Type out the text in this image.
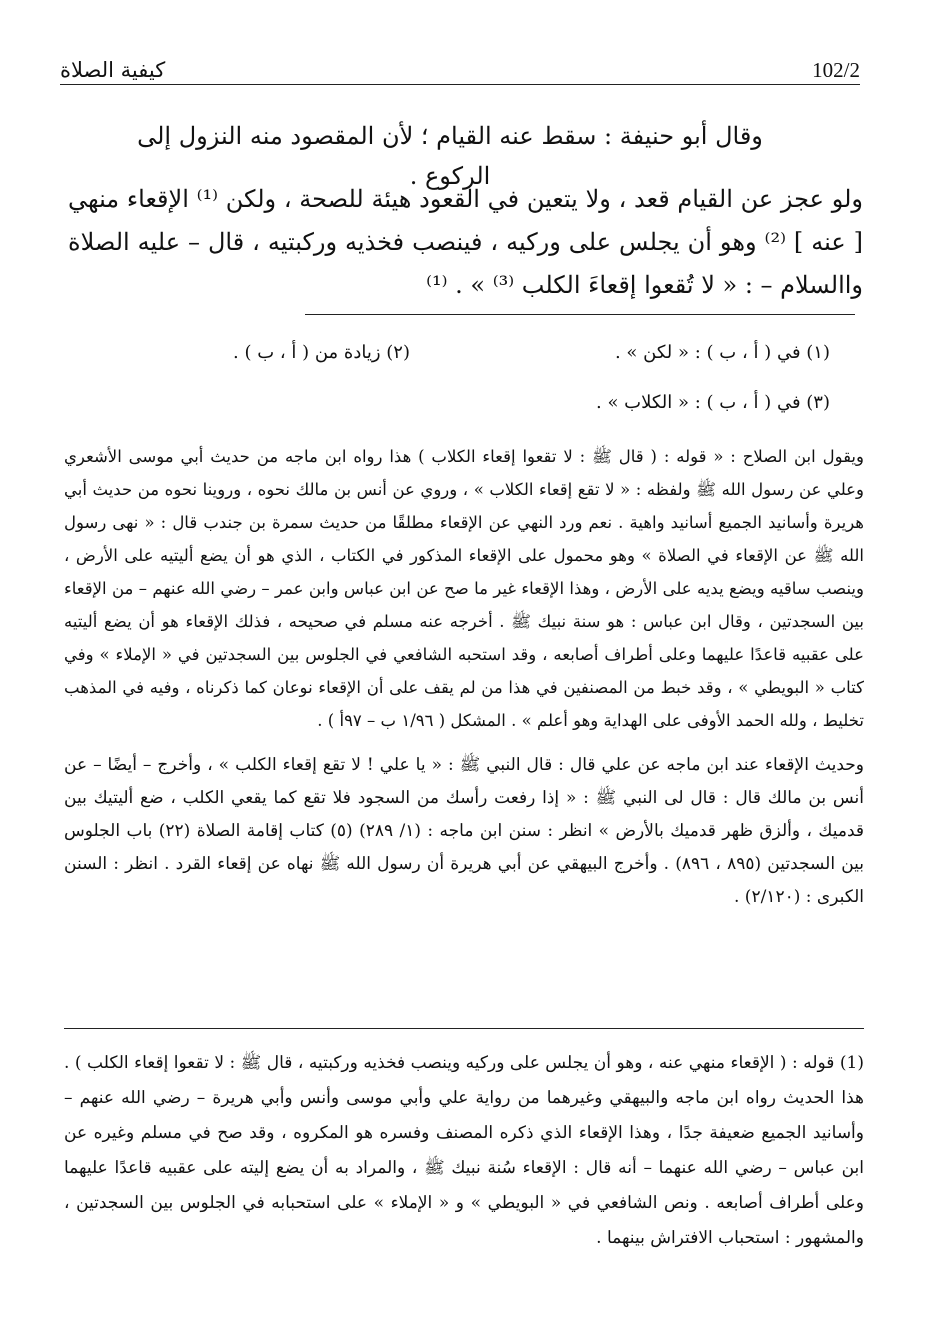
102/2
كيفية الصلاة
وقال أبو حنيفة : سقط عنه القيام ؛ لأن المقصود منه النزول إلى الركوع .
ولو عجز عن القيام قعد ، ولا يتعين في القعود هيئة للصحة ، ولكن ⁽¹⁾ الإقعاء منهي [ عنه ] ⁽²⁾ وهو أن يجلس على وركيه ، فينصب فخذيه وركبتيه ، قال – عليه الصلاة واالسلام – : « لا تُقعوا إقعاءَ الكلب ⁽³⁾ » . ⁽¹⁾
(١) في ( أ ، ب ) : « لكن » .
(٢) زيادة من ( أ ، ب ) .
(٣) في ( أ ، ب ) : « الكلاب » .

ويقول ابن الصلاح : « قوله : ( قال ﷺ : لا تقعوا إقعاء الكلاب ) هذا رواه ابن ماجه من حديث أبي موسى الأشعري وعلي عن رسول الله ﷺ ولفظه : « لا تقع إقعاء الكلاب » ، وروي عن أنس بن مالك نحوه ، وروينا نحوه من حديث أبي هريرة وأسانيد الجميع أسانيد واهية . نعم ورد النهي عن الإقعاء مطلقًا من حديث سمرة بن جندب قال : « نهى رسول الله ﷺ عن الإقعاء في الصلاة » وهو محمول على الإقعاء المذكور في الكتاب ، الذي هو أن يضع أليتيه على الأرض ، وينصب ساقيه ويضع يديه على الأرض ، وهذا الإقعاء غير ما صح عن ابن عباس وابن عمر – رضي الله عنهم – من الإقعاء بين السجدتين ، وقال ابن عباس : هو سنة نبيك ﷺ . أخرجه عنه مسلم في صحيحه ، فذلك الإقعاء هو أن يضع أليتيه على عقبيه قاعدًا عليهما وعلى أطراف أصابعه ، وقد استحبه الشافعي في الجلوس بين السجدتين في « الإملاء » وفي كتاب « البويطي » ، وقد خبط من المصنفين في هذا من لم يقف على أن الإقعاء نوعان كما ذكرناه ، وفيه في المذهب تخليط ، ولله الحمد الأوفى على الهداية وهو أعلم » . المشكل ( ١/٩٦ ب – ٩٧أ ) .

وحديث الإقعاء عند ابن ماجه عن علي قال : قال النبي ﷺ : « يا علي ! لا تقع إقعاء الكلب » ، وأخرج – أيضًا – عن أنس بن مالك قال : قال لى النبي ﷺ : « إذا رفعت رأسك من السجود فلا تقع كما يقعي الكلب ، ضع أليتيك بين قدميك ، وألزق ظهر قدميك بالأرض » انظر : سنن ابن ماجه : (١/ ٢٨٩) (٥) كتاب إقامة الصلاة (٢٢) باب الجلوس بين السجدتين (٨٩٥ ، ٨٩٦) . وأخرج البيهقي عن أبي هريرة أن رسول الله ﷺ نهاه عن إقعاء القرد . انظر : السنن الكبرى : (٢/١٢٠) .

(1) قوله : ( الإقعاء منهي عنه ، وهو أن يجلس على وركيه وينصب فخذيه وركبتيه ، قال ﷺ : لا تقعوا إقعاء الكلب ) . هذا الحديث رواه ابن ماجه والبيهقي وغيرهما من رواية علي وأبي موسى وأنس وأبي هريرة – رضي الله عنهم – وأسانيد الجميع ضعيفة جدًا ، وهذا الإقعاء الذي ذكره المصنف وفسره هو المكروه ، وقد صح في مسلم وغيره عن ابن عباس – رضي الله عنهما – أنه قال : الإقعاء سُنة نبيك ﷺ ، والمراد به أن يضع إليته على عقبيه قاعدًا عليهما وعلى أطراف أصابعه . ونص الشافعي في « البويطي » و « الإملاء » على استحبابه في الجلوس بين السجدتين ، والمشهور : استحباب الافتراش بينهما .
